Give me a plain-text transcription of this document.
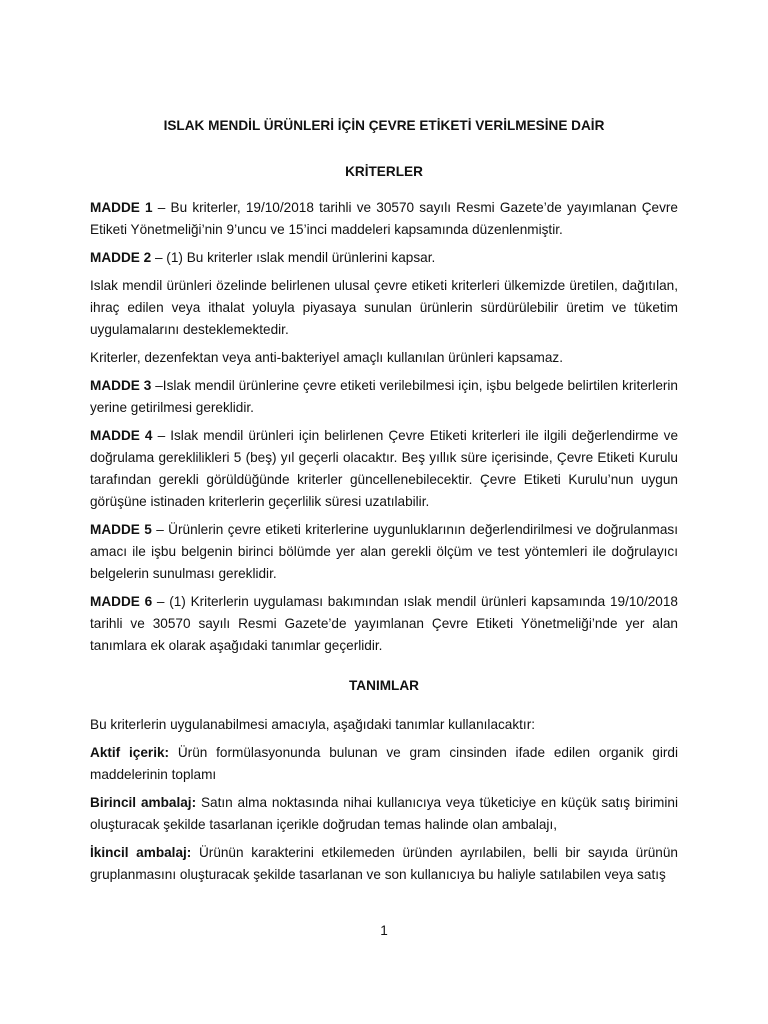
ISLAK MENDİL ÜRÜNLERİ İÇİN ÇEVRE ETİKETİ VERİLMESİNE DAİR
KRİTERLER

MADDE 1 – Bu kriterler, 19/10/2018 tarihli ve 30570 sayılı Resmi Gazete’de yayımlanan Çevre Etiketi Yönetmeliği’nin 9’uncu ve 15’inci maddeleri kapsamında düzenlenmiştir.

MADDE 2 – (1) Bu kriterler ıslak mendil ürünlerini kapsar.

Islak mendil ürünleri özelinde belirlenen ulusal çevre etiketi kriterleri ülkemizde üretilen, dağıtılan, ihraç edilen veya ithalat yoluyla piyasaya sunulan ürünlerin sürdürülebilir üretim ve tüketim uygulamalarını desteklemektedir.

Kriterler, dezenfektan veya anti-bakteriyel amaçlı kullanılan ürünleri kapsamaz.

MADDE 3 –Islak mendil ürünlerine çevre etiketi verilebilmesi için, işbu belgede belirtilen kriterlerin yerine getirilmesi gereklidir.

MADDE 4 – Islak mendil ürünleri için belirlenen Çevre Etiketi kriterleri ile ilgili değerlendirme ve doğrulama gereklilikleri 5 (beş) yıl geçerli olacaktır. Beş yıllık süre içerisinde, Çevre Etiketi Kurulu tarafından gerekli görüldüğünde kriterler güncellenebilecektir. Çevre Etiketi Kurulu’nun uygun görüşüne istinaden kriterlerin geçerlilik süresi uzatılabilir.

MADDE 5 – Ürünlerin çevre etiketi kriterlerine uygunluklarının değerlendirilmesi ve doğrulanması amacı ile işbu belgenin birinci bölümde yer alan gerekli ölçüm ve test yöntemleri ile doğrulayıcı belgelerin sunulması gereklidir.

MADDE 6 – (1) Kriterlerin uygulaması bakımından ıslak mendil ürünleri kapsamında 19/10/2018 tarihli ve 30570 sayılı Resmi Gazete’de yayımlanan Çevre Etiketi Yönetmeliği’nde yer alan tanımlara ek olarak aşağıdaki tanımlar geçerlidir.

TANIMLAR

Bu kriterlerin uygulanabilmesi amacıyla, aşağıdaki tanımlar kullanılacaktır:

Aktif içerik: Ürün formülasyonunda bulunan ve gram cinsinden ifade edilen organik girdi maddelerinin toplamı

Birincil ambalaj: Satın alma noktasında nihai kullanıcıya veya tüketiciye en küçük satış birimini oluşturacak şekilde tasarlanan içerikle doğrudan temas halinde olan ambalajı,

İkincil ambalaj: Ürünün karakterini etkilemeden üründen ayrılabilen, belli bir sayıda ürünün gruplanmasını oluşturacak şekilde tasarlanan ve son kullanıcıya bu haliyle satılabilen veya satış

1
